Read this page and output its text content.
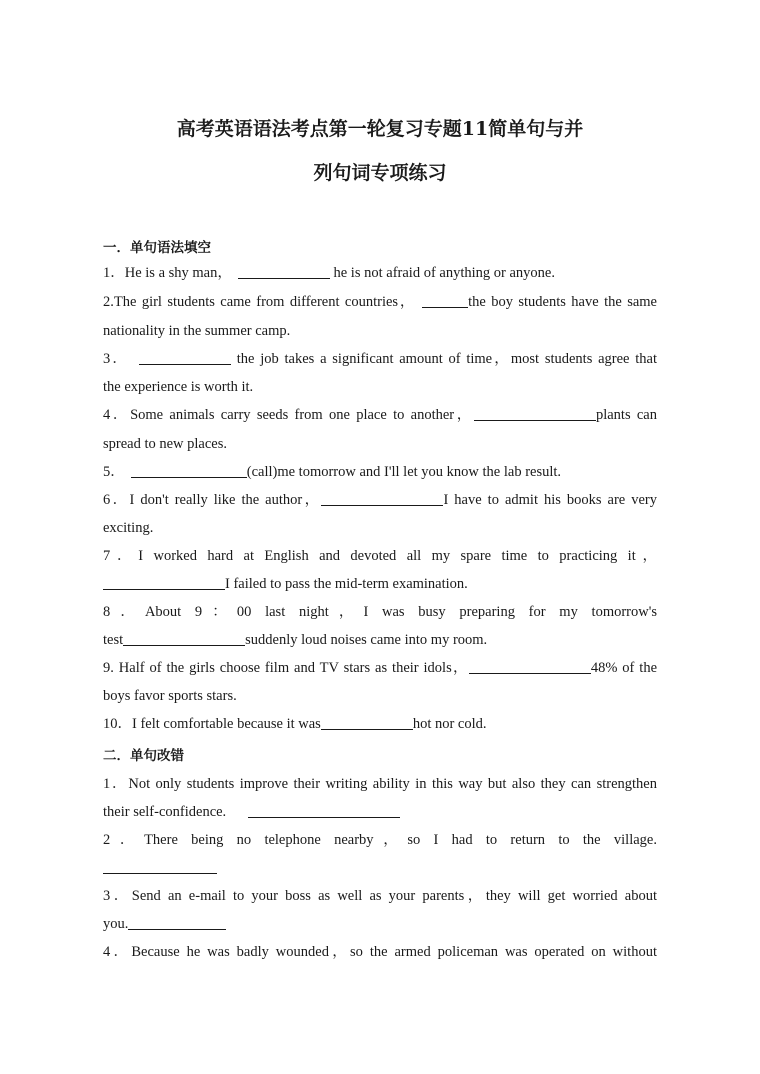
高考英语语法考点第一轮复习专题11简单句与并
列句词专项练习
一．单句语法填空
1．He is a shy man，	he is not afraid of anything or anyone.
2.The girl students came from different countries，	the boy students have the same
nationality in the summer camp.
3．	the job takes a significant amount of time，most students agree that
the experience is worth it.
4．Some animals carry seeds from one place to another，	plants can
spread to new places.
5．	(call)me tomorrow and I'll let you know the lab result.
6．I don't really like the author，	I have to admit his books are very
exciting.
7．I worked hard at English and devoted all my spare time to practicing it，
I failed to pass the mid-term examination.
8．About 9：00 last night，I was busy preparing for my tomorrow's
test	suddenly loud noises came into my room.
9. Half of the girls choose film and TV stars as their idols，	48% of the
boys favor sports stars.
10．I felt comfortable because it was	hot nor cold.
二．单句改错
1．Not only students improve their writing ability in this way but also they can strengthen
their self-confidence.
2．There being no telephone nearby，so I had to return to the village.
3．Send an e-mail to your boss as well as your parents，they will get worried about
you.
4．Because he was badly wounded，so the armed policeman was operated on without
